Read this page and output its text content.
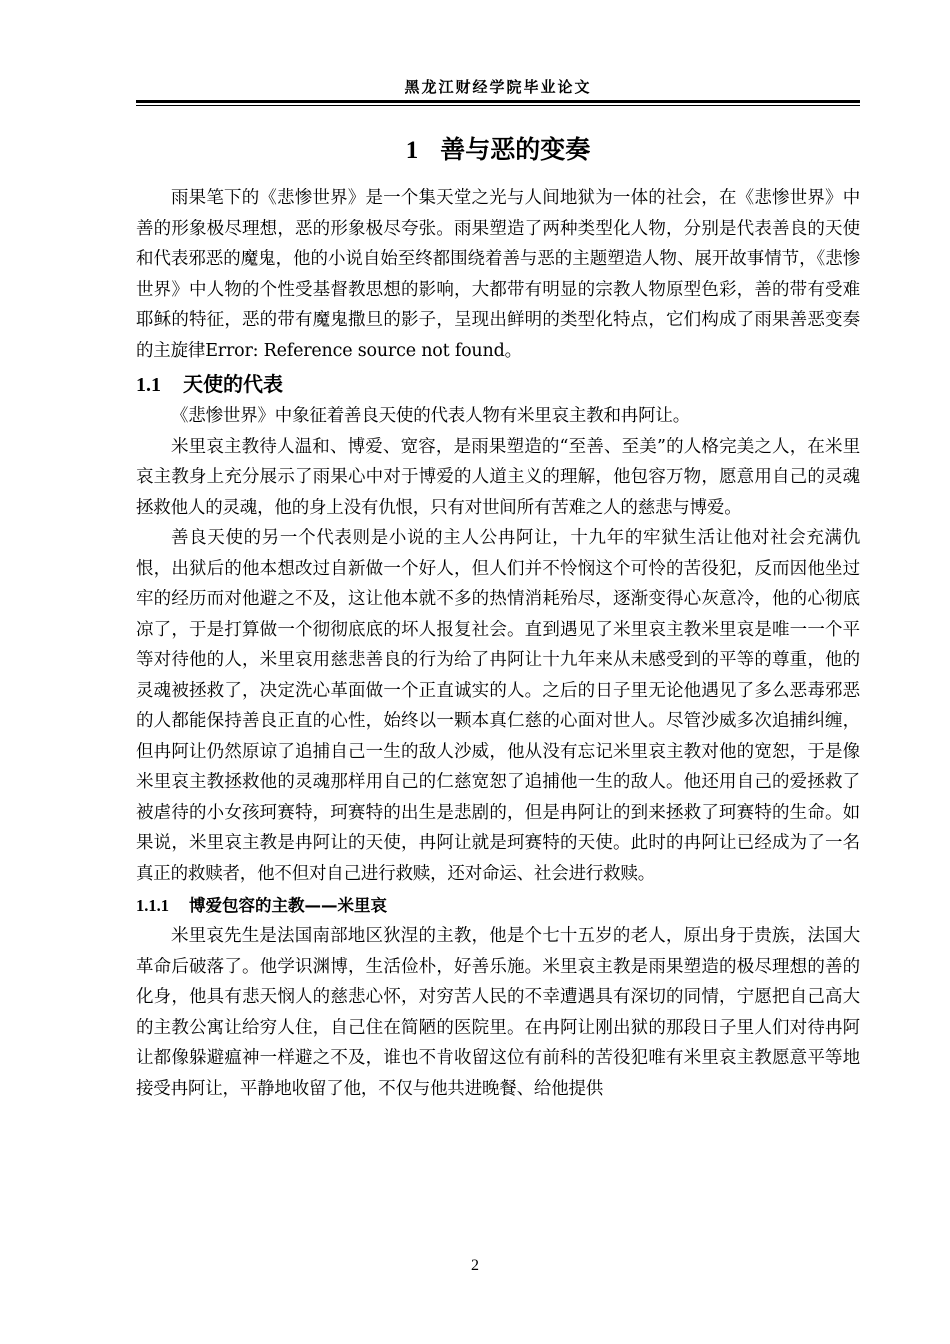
黑龙江财经学院毕业论文
1 善与恶的变奏

雨果笔下的《悲惨世界》是一个集天堂之光与人间地狱为一体的社会，在《悲惨世界》中善的形象极尽理想，恶的形象极尽夸张。雨果塑造了两种类型化人物，分别是代表善良的天使和代表邪恶的魔鬼，他的小说自始至终都围绕着善与恶的主题塑造人物、展开故事情节，《悲惨世界》中人物的个性受基督教思想的影响，大都带有明显的宗教人物原型色彩，善的带有受难耶稣的特征，恶的带有魔鬼撒旦的影子，呈现出鲜明的类型化特点，它们构成了雨果善恶变奏的主旋律Error: Reference source not found。

1.1 天使的代表

《悲惨世界》中象征着善良天使的代表人物有米里哀主教和冉阿让。

米里哀主教待人温和、博爱、宽容，是雨果塑造的“至善、至美”的人格完美之人，在米里哀主教身上充分展示了雨果心中对于博爱的人道主义的理解，他包容万物，愿意用自己的灵魂拯救他人的灵魂，他的身上没有仇恨，只有对世间所有苦难之人的慈悲与博爱。

善良天使的另一个代表则是小说的主人公冉阿让，十九年的牢狱生活让他对社会充满仇恨，出狱后的他本想改过自新做一个好人，但人们并不怜悯这个可怜的苦役犯，反而因他坐过牢的经历而对他避之不及，这让他本就不多的热情消耗殆尽，逐渐变得心灰意冷，他的心彻底凉了，于是打算做一个彻彻底底的坏人报复社会。直到遇见了米里哀主教米里哀是唯一一个平等对待他的人，米里哀用慈悲善良的行为给了冉阿让十九年来从未感受到的平等的尊重，他的灵魂被拯救了，决定洗心革面做一个正直诚实的人。之后的日子里无论他遇见了多么恶毒邪恶的人都能保持善良正直的心性，始终以一颗本真仁慈的心面对世人。尽管沙威多次追捕纠缠，但冉阿让仍然原谅了追捕自己一生的敌人沙威，他从没有忘记米里哀主教对他的宽恕，于是像米里哀主教拯救他的灵魂那样用自己的仁慈宽恕了追捕他一生的敌人。他还用自己的爱拯救了被虐待的小女孩珂赛特，珂赛特的出生是悲剧的，但是冉阿让的到来拯救了珂赛特的生命。如果说，米里哀主教是冉阿让的天使，冉阿让就是珂赛特的天使。此时的冉阿让已经成为了一名真正的救赎者，他不但对自己进行救赎，还对命运、社会进行救赎。

1.1.1 博爱包容的主教——米里哀

米里哀先生是法国南部地区狄涅的主教，他是个七十五岁的老人，原出身于贵族，法国大革命后破落了。他学识渊博，生活俭朴，好善乐施。米里哀主教是雨果塑造的极尽理想的善的化身，他具有悲天悯人的慈悲心怀，对穷苦人民的不幸遭遇具有深切的同情，宁愿把自己高大的主教公寓让给穷人住，自己住在简陋的医院里。在冉阿让刚出狱的那段日子里人们对待冉阿让都像躲避瘟神一样避之不及，谁也不肯收留这位有前科的苦役犯唯有米里哀主教愿意平等地接受冉阿让，平静地收留了他，不仅与他共进晚餐、给他提供

2
